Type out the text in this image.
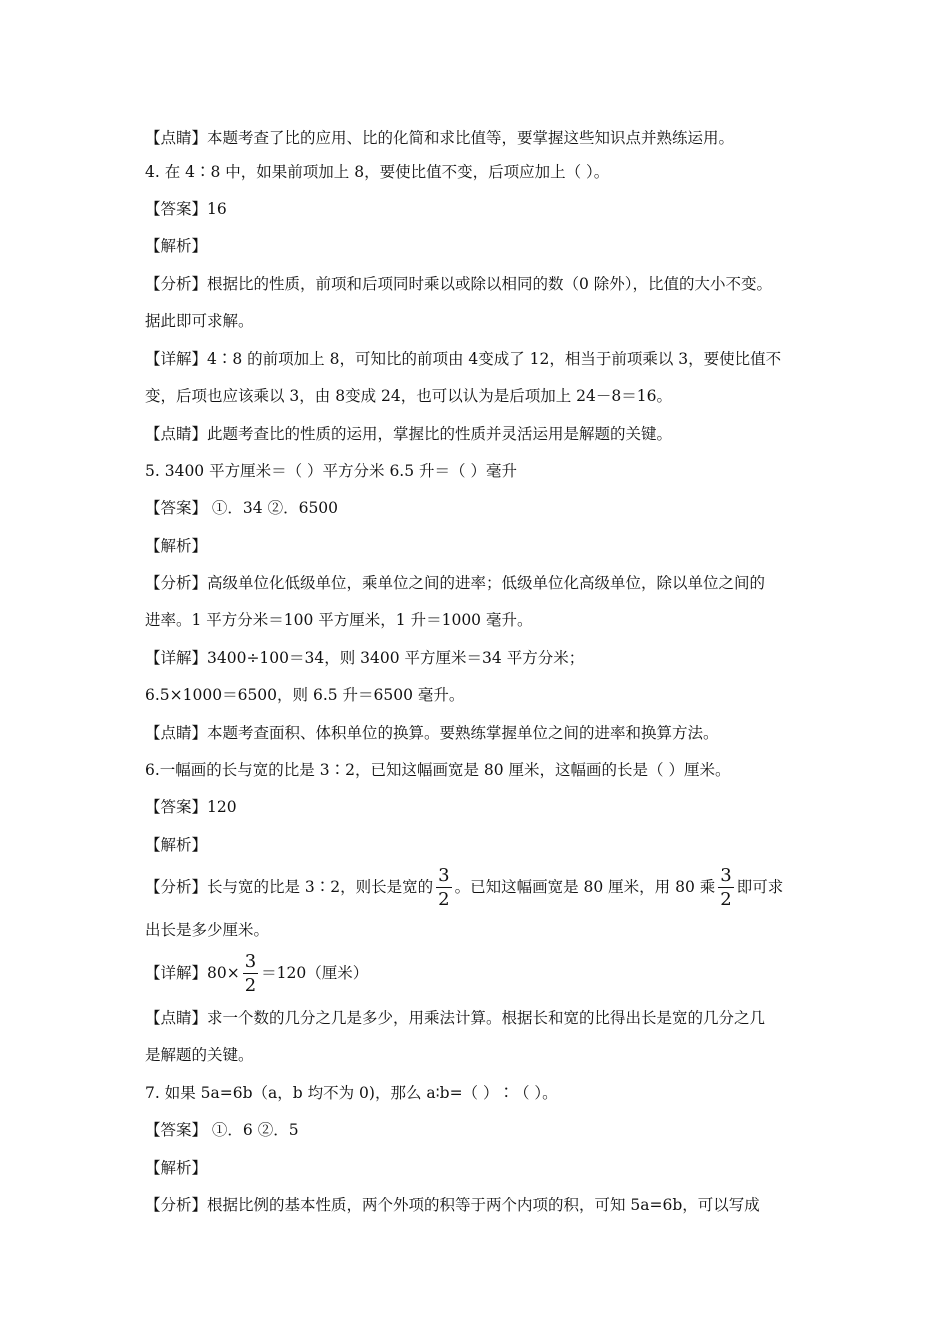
【点睛】本题考查了比的应用、比的化简和求比值等，要掌握这些知识点并熟练运用。
4. 在 4∶8 中，如果前项加上 8，要使比值不变，后项应加上（ ）。
【答案】16
【解析】
【分析】根据比的性质，前项和后项同时乘以或除以相同的数（0 除外），比值的大小不变。
据此即可求解。
【详解】4∶8 的前项加上 8，可知比的前项由 4变成了 12，相当于前项乘以 3，要使比值不
变，后项也应该乘以 3，由 8变成 24，也可以认为是后项加上 24－8＝16。
【点睛】此题考查比的性质的运用，掌握比的性质并灵活运用是解题的关键。
5. 3400 平方厘米＝（ ）平方分米 6.5 升＝（ ）毫升
【答案】 ①．34 ②．6500
【解析】
【分析】高级单位化低级单位，乘单位之间的进率；低级单位化高级单位，除以单位之间的
进率。1 平方分米＝100 平方厘米，1 升＝1000 毫升。
【详解】3400÷100＝34，则 3400 平方厘米＝34 平方分米；
6.5×1000＝6500，则 6.5 升＝6500 毫升。
【点睛】本题考查面积、体积单位的换算。要熟练掌握单位之间的进率和换算方法。
6.一幅画的长与宽的比是 3∶2，已知这幅画宽是 80 厘米，这幅画的长是（ ）厘米。
【答案】120
【解析】
【分析】长与宽的比是 3∶2，则长是宽的 $\frac{3}{2}$ 。已知这幅画宽是 80 厘米，用 80 乘 $\frac{3}{2}$ 即可求
出长是多少厘米。
【详解】$80\times \frac{3}{2} =120$（厘米）
【点睛】求一个数的几分之几是多少，用乘法计算。根据长和宽的比得出长是宽的几分之几
是解题的关键。
7. 如果 5a=6b（a，b 均不为 0)，那么 a∶b=（ ）∶（ ）。
【答案】 ①．6 ②．5
【解析】
【分析】根据比例的基本性质，两个外项的积等于两个内项的积，可知 5a=6b，可以写成
